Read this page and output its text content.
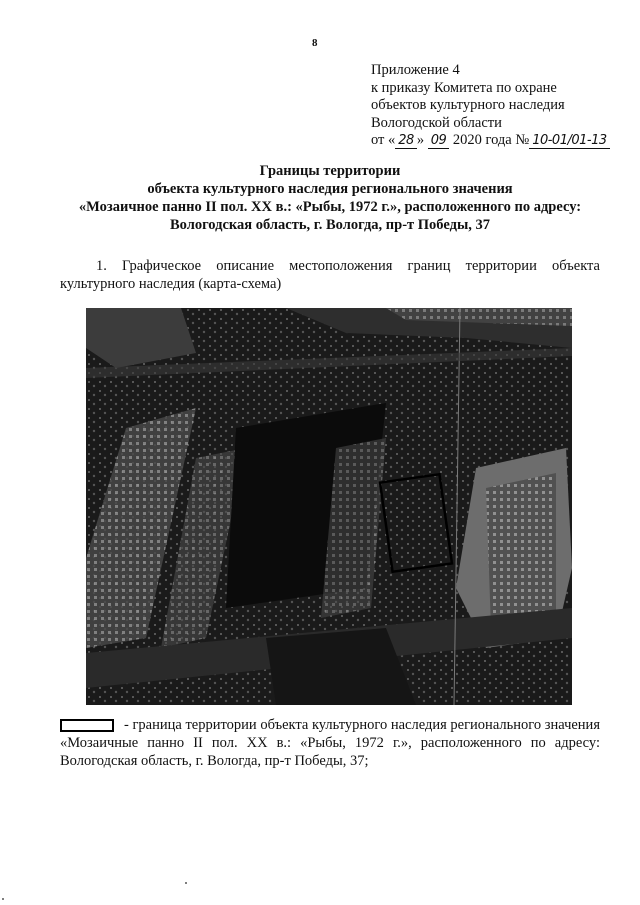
8
Приложение 4
к приказу Комитета по охране
объектов культурного наследия
Вологодской области
от « 28 » 09 2020 года № 10-01/01-13
Границы территории
объекта культурного наследия регионального значения
«Мозаичное панно II пол. XX в.: «Рыбы, 1972 г.», расположенного по адресу:
Вологодская область, г. Вологда, пр-т Победы, 37
1. Графическое описание местоположения границ территории объекта культурного наследия (карта-схема)
- граница территории объекта культурного наследия регионального значения «Мозаичные панно II пол. XX в.: «Рыбы, 1972 г.», расположенного по адресу: Вологодская область, г. Вологда, пр-т Победы, 37;
